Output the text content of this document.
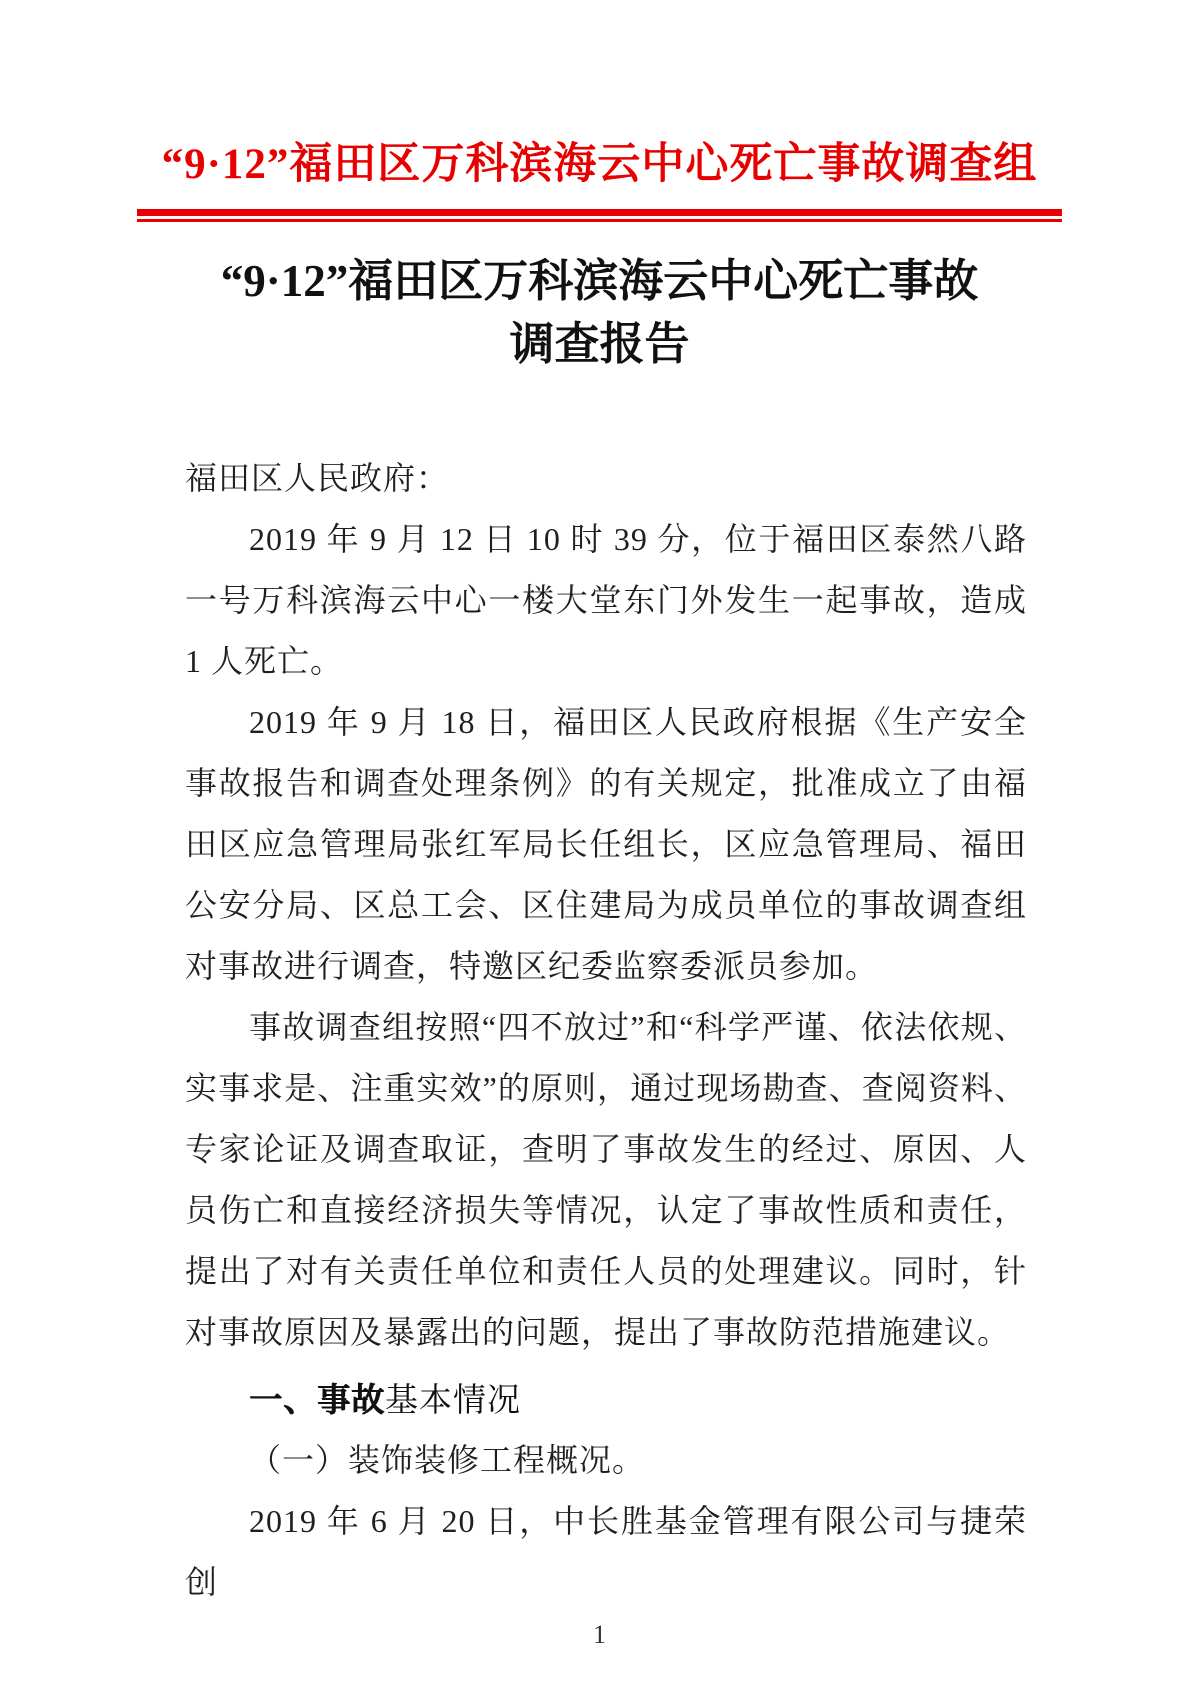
“9·12”福田区万科滨海云中心死亡事故调查组
“9·12”福田区万科滨海云中心死亡事故
调查报告

福田区人民政府：

2019 年 9 月 12 日 10 时 39 分，位于福田区泰然八路一号万科滨海云中心一楼大堂东门外发生一起事故，造成 1 人死亡。

2019 年 9 月 18 日，福田区人民政府根据《生产安全事故报告和调查处理条例》的有关规定，批准成立了由福田区应急管理局张红军局长任组长，区应急管理局、福田公安分局、区总工会、区住建局为成员单位的事故调查组对事故进行调查，特邀区纪委监察委派员参加。

事故调查组按照“四不放过”和“科学严谨、依法依规、实事求是、注重实效”的原则，通过现场勘查、查阅资料、专家论证及调查取证，查明了事故发生的经过、原因、人员伤亡和直接经济损失等情况，认定了事故性质和责任，提出了对有关责任单位和责任人员的处理建议。同时，针对事故原因及暴露出的问题，提出了事故防范措施建议。

一、事故基本情况

（一）装饰装修工程概况。

2019 年 6 月 20 日，中长胜基金管理有限公司与捷荣创

1
